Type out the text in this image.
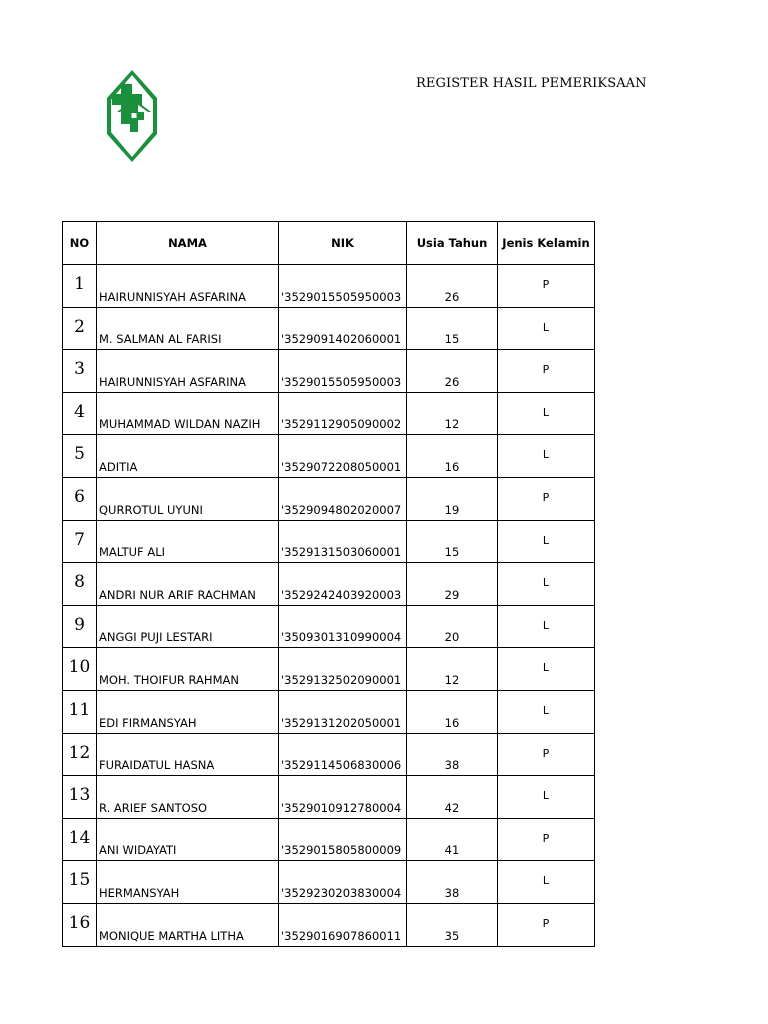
REGISTER HASIL PEMERIKSAAN
NO	NAMA	NIK	Usia Tahun	Jenis Kelamin

1	HAIRUNNISYAH ASFARINA	'3529015505950003	26	P

2	M. SALMAN AL FARISI	'3529091402060001	15	L

3	HAIRUNNISYAH ASFARINA	'3529015505950003	26	P

4	MUHAMMAD WILDAN NAZIH	'3529112905090002	12	L

5	ADITIA	'3529072208050001	16	L

6	QURROTUL UYUNI	'3529094802020007	19	P

7	MALTUF ALI	'3529131503060001	15	L

8	ANDRI NUR ARIF RACHMAN	'3529242403920003	29	L

9	ANGGI PUJI LESTARI	'3509301310990004	20	L

10	MOH. THOIFUR RAHMAN	'3529132502090001	12	L

11	EDI FIRMANSYAH	'3529131202050001	16	L

12	FURAIDATUL HASNA	'3529114506830006	38	P

13	R. ARIEF SANTOSO	'3529010912780004	42	L

14	ANI WIDAYATI	'3529015805800009	41	P

15	HERMANSYAH	'3529230203830004	38	L

16	MONIQUE MARTHA LITHA	'3529016907860011	35	P
